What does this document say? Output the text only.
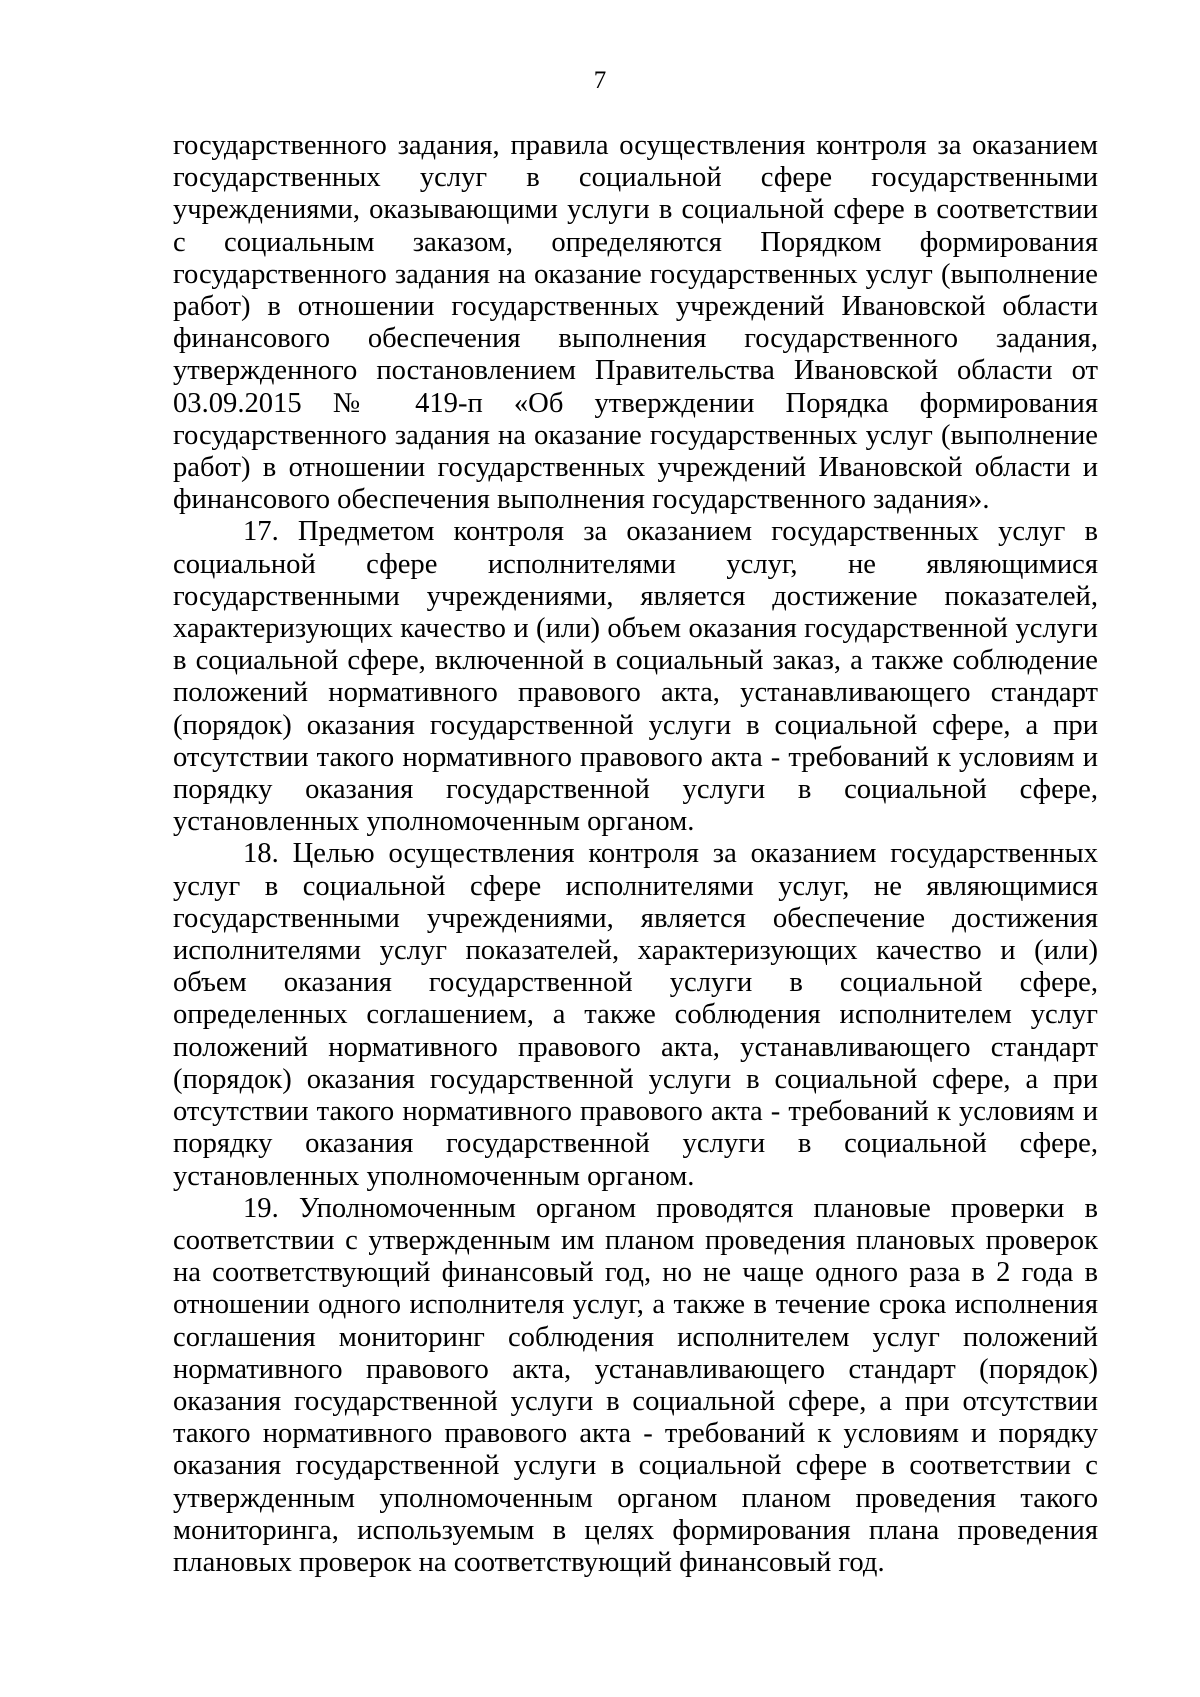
7

государственного задания, правила осуществления контроля за оказанием государственных услуг в социальной сфере государственными учреждениями, оказывающими услуги в социальной сфере в соответствии с социальным заказом, определяются Порядком формирования государственного задания на оказание государственных услуг (выполнение работ) в отношении государственных учреждений Ивановской области финансового обеспечения выполнения государственного задания, утвержденного постановлением Правительства Ивановской области от 03.09.2015 № 419-п «Об утверждении Порядка формирования государственного задания на оказание государственных услуг (выполнение работ) в отношении государственных учреждений Ивановской области и финансового обеспечения выполнения государственного задания».

17. Предметом контроля за оказанием государственных услуг в социальной сфере исполнителями услуг, не являющимися государственными учреждениями, является достижение показателей, характеризующих качество и (или) объем оказания государственной услуги в социальной сфере, включенной в социальный заказ, а также соблюдение положений нормативного правового акта, устанавливающего стандарт (порядок) оказания государственной услуги в социальной сфере, а при отсутствии такого нормативного правового акта - требований к условиям и порядку оказания государственной услуги в социальной сфере, установленных уполномоченным органом.

18. Целью осуществления контроля за оказанием государственных услуг в социальной сфере исполнителями услуг, не являющимися государственными учреждениями, является обеспечение достижения исполнителями услуг показателей, характеризующих качество и (или) объем оказания государственной услуги в социальной сфере, определенных соглашением, а также соблюдения исполнителем услуг положений нормативного правового акта, устанавливающего стандарт (порядок) оказания государственной услуги в социальной сфере, а при отсутствии такого нормативного правового акта - требований к условиям и порядку оказания государственной услуги в социальной сфере, установленных уполномоченным органом.

19. Уполномоченным органом проводятся плановые проверки в соответствии с утвержденным им планом проведения плановых проверок на соответствующий финансовый год, но не чаще одного раза в 2 года в отношении одного исполнителя услуг, а также в течение срока исполнения соглашения мониторинг соблюдения исполнителем услуг положений нормативного правового акта, устанавливающего стандарт (порядок) оказания государственной услуги в социальной сфере, а при отсутствии такого нормативного правового акта - требований к условиям и порядку оказания государственной услуги в социальной сфере в соответствии с утвержденным уполномоченным органом планом проведения такого мониторинга, используемым в целях формирования плана проведения плановых проверок на соответствующий финансовый год.
